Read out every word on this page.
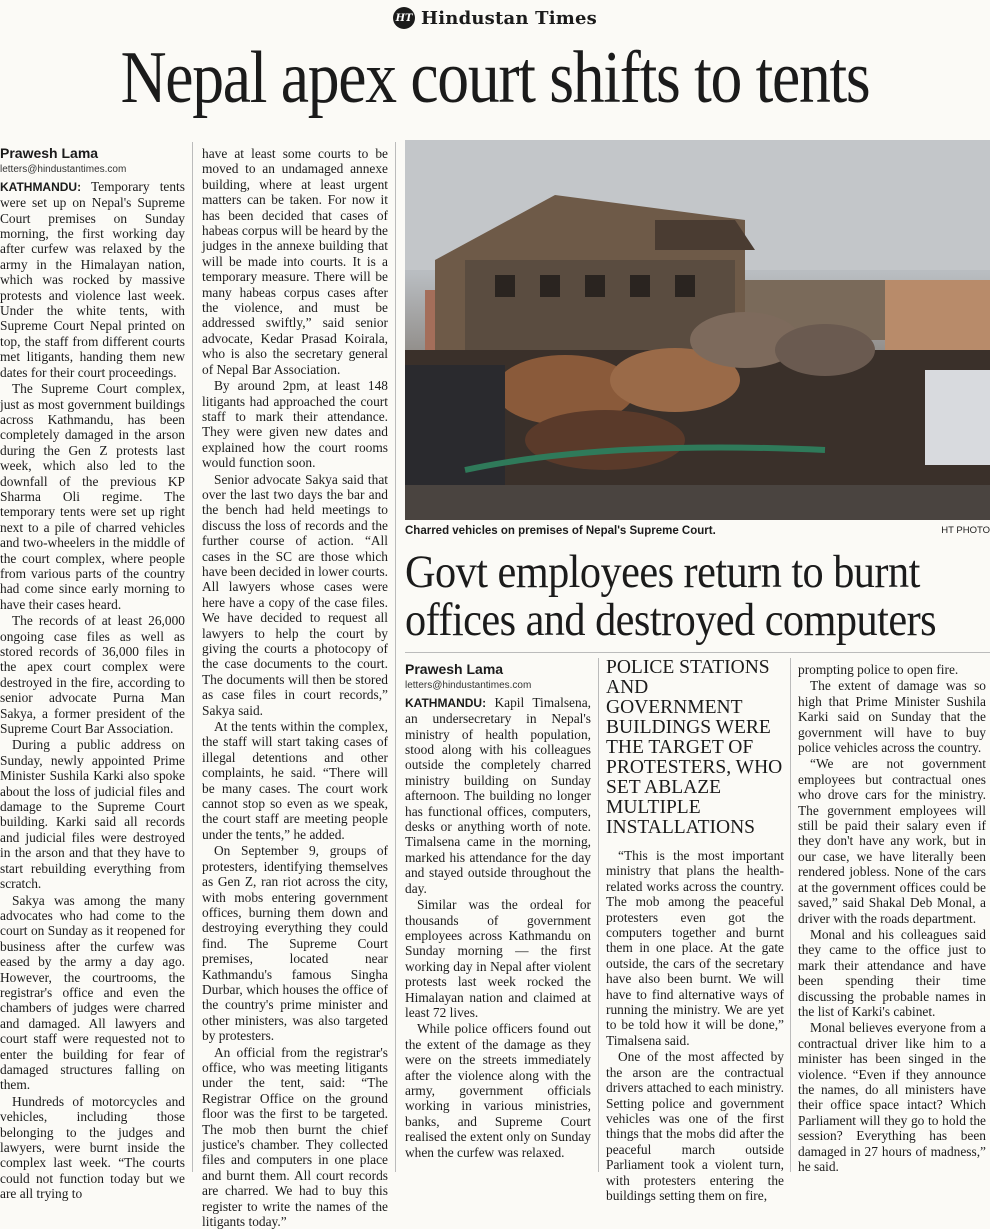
HT Hindustan Times
Nepal apex court shifts to tents

Prawesh Lama

letters@hindustantimes.com

KATHMANDU: Temporary tents were set up on Nepal's Supreme Court premises on Sunday morning, the first working day after curfew was relaxed by the army in the Himalayan nation, which was rocked by massive protests and violence last week. Under the white tents, with Supreme Court Nepal printed on top, the staff from different courts met litigants, handing them new dates for their court proceedings.

The Supreme Court complex, just as most government buildings across Kathmandu, has been completely damaged in the arson during the Gen Z protests last week, which also led to the downfall of the previous KP Sharma Oli regime. The temporary tents were set up right next to a pile of charred vehicles and two-wheelers in the middle of the court complex, where people from various parts of the country had come since early morning to have their cases heard.

The records of at least 26,000 ongoing case files as well as stored records of 36,000 files in the apex court complex were destroyed in the fire, according to senior advocate Purna Man Sakya, a former president of the Supreme Court Bar Association.

During a public address on Sunday, newly appointed Prime Minister Sushila Karki also spoke about the loss of judicial files and damage to the Supreme Court building. Karki said all records and judicial files were destroyed in the arson and that they have to start rebuilding everything from scratch.

Sakya was among the many advocates who had come to the court on Sunday as it reopened for business after the curfew was eased by the army a day ago. However, the courtrooms, the registrar's office and even the chambers of judges were charred and damaged. All lawyers and court staff were requested not to enter the building for fear of damaged structures falling on them.

Hundreds of motorcycles and vehicles, including those belonging to the judges and lawyers, were burnt inside the complex last week. “The courts could not function today but we are all trying to

have at least some courts to be moved to an undamaged annexe building, where at least urgent matters can be taken. For now it has been decided that cases of habeas corpus will be heard by the judges in the annexe building that will be made into courts. It is a temporary measure. There will be many habeas corpus cases after the violence, and must be addressed swiftly,” said senior advocate, Kedar Prasad Koirala, who is also the secretary general of Nepal Bar Association.

By around 2pm, at least 148 litigants had approached the court staff to mark their attendance. They were given new dates and explained how the court rooms would function soon.

Senior advocate Sakya said that over the last two days the bar and the bench had held meetings to discuss the loss of records and the further course of action. “All cases in the SC are those which have been decided in lower courts. All lawyers whose cases were here have a copy of the case files. We have decided to request all lawyers to help the court by giving the courts a photocopy of the case documents to the court. The documents will then be stored as case files in court records,” Sakya said.

At the tents within the complex, the staff will start taking cases of illegal detentions and other complaints, he said. “There will be many cases. The court work cannot stop so even as we speak, the court staff are meeting people under the tents,” he added.

On September 9, groups of protesters, identifying themselves as Gen Z, ran riot across the city, with mobs entering government offices, burning them down and destroying everything they could find. The Supreme Court premises, located near Kathmandu's famous Singha Durbar, which houses the office of the country's prime minister and other ministers, was also targeted by protesters.

An official from the registrar's office, who was meeting litigants under the tent, said: “The Registrar Office on the ground floor was the first to be targeted. The mob then burnt the chief justice's chamber. They collected files and computers in one place and burnt them. All court records are charred. We had to buy this register to write the names of the litigants today.”

Charred vehicles on premises of Nepal's Supreme Court.	HT PHOTO
Govt employees return to burnt offices and destroyed computers

Prawesh Lama

letters@hindustantimes.com

KATHMANDU: Kapil Timalsena, an undersecretary in Nepal's ministry of health population, stood along with his colleagues outside the completely charred ministry building on Sunday afternoon. The building no longer has functional offices, computers, desks or anything worth of note. Timalsena came in the morning, marked his attendance for the day and stayed outside throughout the day.

Similar was the ordeal for thousands of government employees across Kathmandu on Sunday morning — the first working day in Nepal after violent protests last week rocked the Himalayan nation and claimed at least 72 lives.

While police officers found out the extent of the damage as they were on the streets immediately after the violence along with the army, government officials working in various ministries, banks, and Supreme Court realised the extent only on Sunday when the curfew was relaxed.

POLICE STATIONS AND GOVERNMENT BUILDINGS WERE THE TARGET OF PROTESTERS, WHO SET ABLAZE MULTIPLE INSTALLATIONS

“This is the most important ministry that plans the health-related works across the country. The mob among the peaceful protesters even got the computers together and burnt them in one place. At the gate outside, the cars of the secretary have also been burnt. We will have to find alternative ways of running the ministry. We are yet to be told how it will be done,” Timalsena said.

One of the most affected by the arson are the contractual drivers attached to each ministry. Setting police and government vehicles was one of the first things that the mobs did after the peaceful march outside Parliament took a violent turn, with protesters entering the buildings setting them on fire,

prompting police to open fire.

The extent of damage was so high that Prime Minister Sushila Karki said on Sunday that the government will have to buy police vehicles across the country.

“We are not government employees but contractual ones who drove cars for the ministry. The government employees will still be paid their salary even if they don't have any work, but in our case, we have literally been rendered jobless. None of the cars at the government offices could be saved,” said Shakal Deb Monal, a driver with the roads department.

Monal and his colleagues said they came to the office just to mark their attendance and have been spending their time discussing the probable names in the list of Karki's cabinet.

Monal believes everyone from a contractual driver like him to a minister has been singed in the violence. “Even if they announce the names, do all ministers have their office space intact? Which Parliament will they go to hold the session? Everything has been damaged in 27 hours of madness,” he said.
